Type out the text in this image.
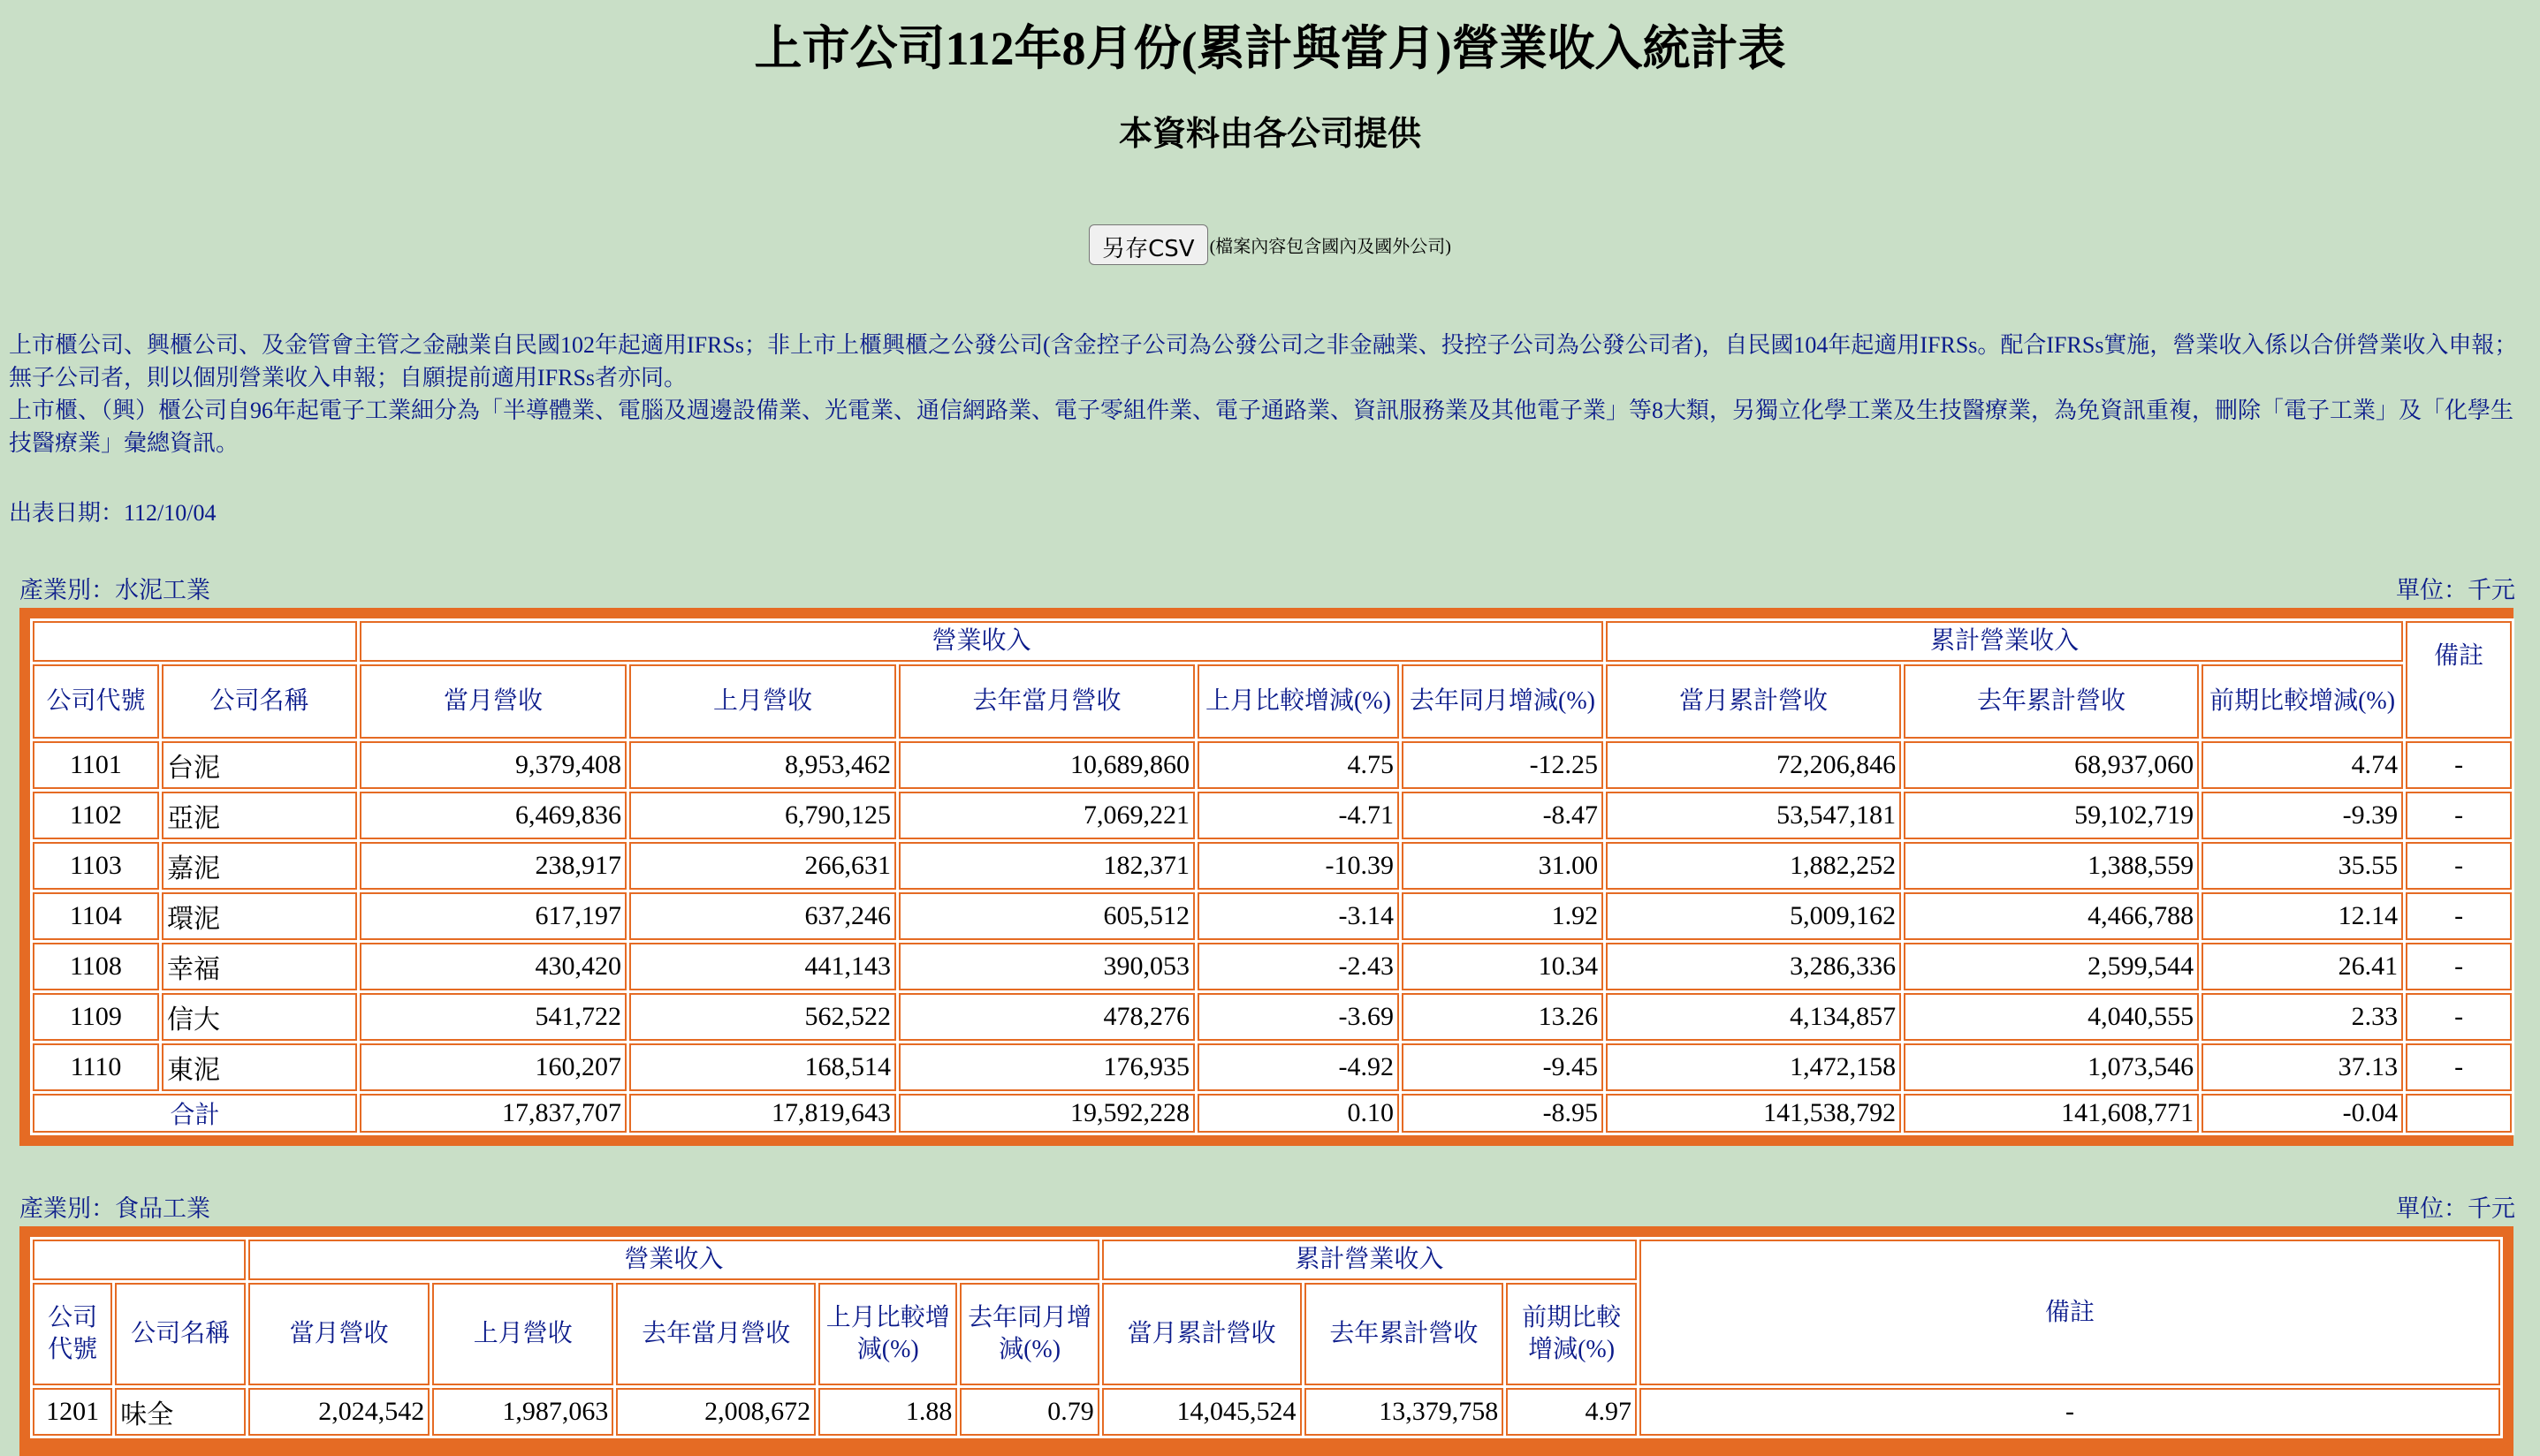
上市公司112年8月份(累計與當月)營業收入統計表
本資料由各公司提供
另存CSV (檔案內容包含國內及國外公司)
上市櫃公司、興櫃公司、及金管會主管之金融業自民國102年起適用IFRSs；非上市上櫃興櫃之公發公司(含金控子公司為公發公司之非金融業、投控子公司為公發公司者)，自民國104年起適用IFRSs。配合IFRSs實施，營業收入係以合併營業收入申報；無子公司者，則以個別營業收入申報；自願提前適用IFRSs者亦同。
上市櫃、（興）櫃公司自96年起電子工業細分為「半導體業、電腦及週邊設備業、光電業、通信網路業、電子零組件業、電子通路業、資訊服務業及其他電子業」等8大類，另獨立化學工業及生技醫療業，為免資訊重複，刪除「電子工業」及「化學生技醫療業」彙總資訊。
出表日期：112/10/04
產業別：水泥工業	單位：千元
		營業收入					累計營業收入			備註
公司代號	公司名稱	當月營收	上月營收	去年當月營收	上月比較增減(%)	去年同月增減(%)	當月累計營收	去年累計營收	前期比較增減(%)	
1101	台泥	9,379,408	8,953,462	10,689,860	4.75	-12.25	72,206,846	68,937,060	4.74	-
1102	亞泥	6,469,836	6,790,125	7,069,221	-4.71	-8.47	53,547,181	59,102,719	-9.39	-
1103	嘉泥	238,917	266,631	182,371	-10.39	31.00	1,882,252	1,388,559	35.55	-
1104	環泥	617,197	637,246	605,512	-3.14	1.92	5,009,162	4,466,788	12.14	-
1108	幸福	430,420	441,143	390,053	-2.43	10.34	3,286,336	2,599,544	26.41	-
1109	信大	541,722	562,522	478,276	-3.69	13.26	4,134,857	4,040,555	2.33	-
1110	東泥	160,207	168,514	176,935	-4.92	-9.45	1,472,158	1,073,546	37.13	-
合計		17,837,707	17,819,643	19,592,228	0.10	-8.95	141,538,792	141,608,771	-0.04	
產業別：食品工業	單位：千元
		營業收入					累計營業收入			備註
公司代號	公司名稱	當月營收	上月營收	去年當月營收	上月比較增減(%)	去年同月增減(%)	當月累計營收	去年累計營收	前期比較增減(%)	
1201	味全	2,024,542	1,987,063	2,008,672	1.88	0.79	14,045,524	13,379,758	4.97	-
